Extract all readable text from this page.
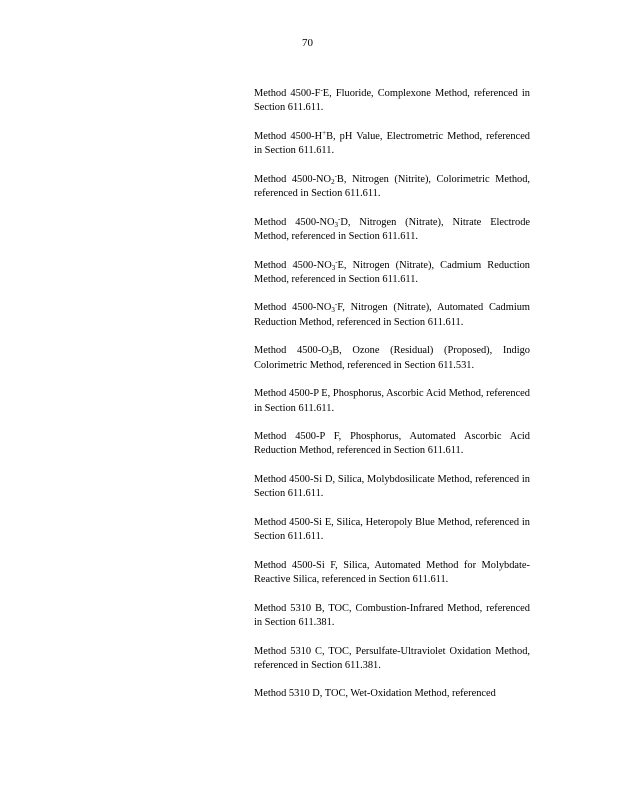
70

Method 4500-F-E, Fluoride, Complexone Method, referenced in Section 611.611.

Method 4500-H+B, pH Value, Electrometric Method, referenced in Section 611.611.

Method $4500-NO_2^-B$, Nitrogen (Nitrite), Colorimetric Method, referenced in Section 611.611.

Method $4500-NO_3^-D$, Nitrogen (Nitrate), Nitrate Electrode Method, referenced in Section 611.611.

Method $4500-NO_3^-E$, Nitrogen (Nitrate), Cadmium Reduction Method, referenced in Section 611.611.

Method $4500-NO_3^-F$, Nitrogen (Nitrate), Automated Cadmium Reduction Method, referenced in Section 611.611.

Method $4500-O_3B$, Ozone (Residual) (Proposed), Indigo Colorimetric Method, referenced in Section 611.531.

Method 4500-P E, Phosphorus, Ascorbic Acid Method, referenced in Section 611.611.

Method 4500-P F, Phosphorus, Automated Ascorbic Acid Reduction Method, referenced in Section 611.611.

Method 4500-Si D, Silica, Molybdosilicate Method, referenced in Section 611.611.

Method 4500-Si E, Silica, Heteropoly Blue Method, referenced in Section 611.611.

Method 4500-Si F, Silica, Automated Method for Molybdate-Reactive Silica, referenced in Section 611.611.

Method 5310 B, TOC, Combustion-Infrared Method, referenced in Section 611.381.

Method 5310 C, TOC, Persulfate-Ultraviolet Oxidation Method, referenced in Section 611.381.

Method 5310 D, TOC, Wet-Oxidation Method, referenced
